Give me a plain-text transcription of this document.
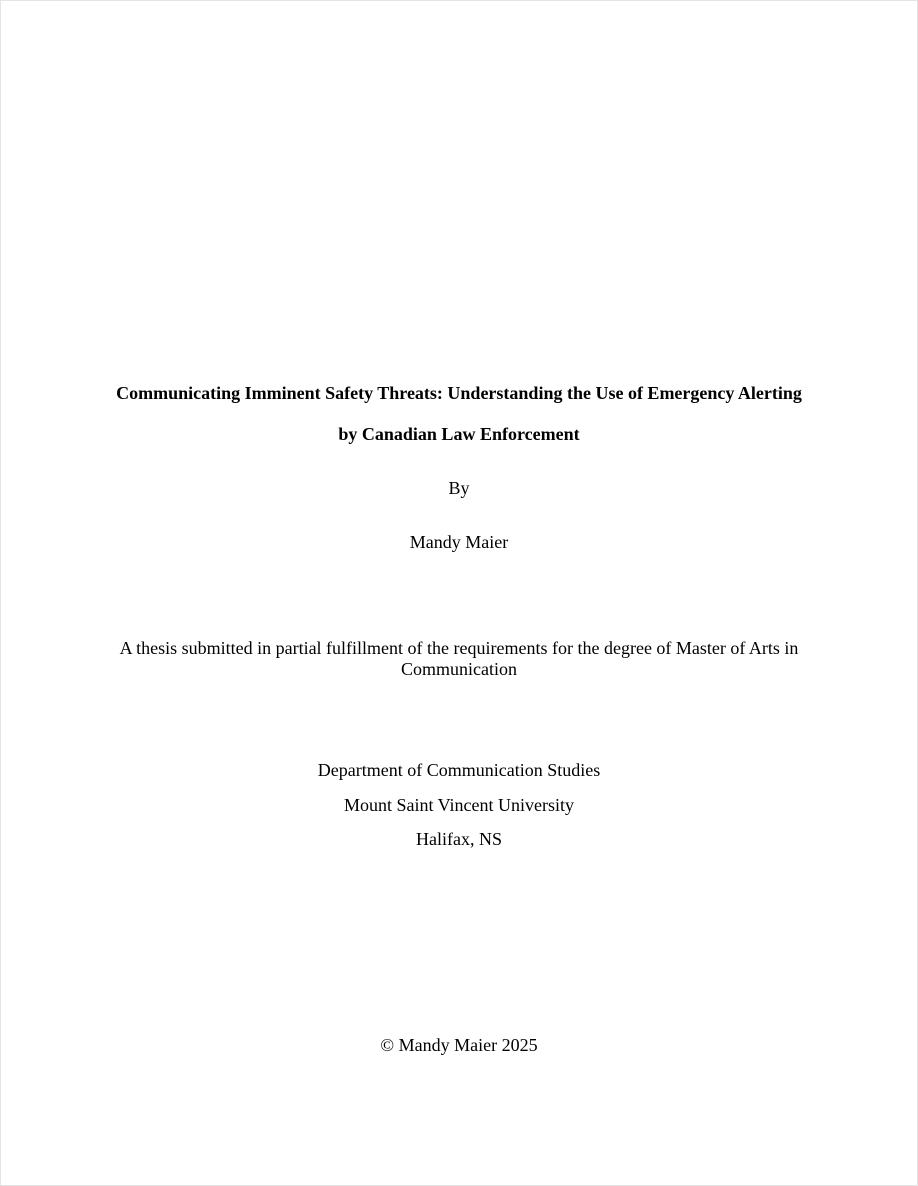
Communicating Imminent Safety Threats: Understanding the Use of Emergency Alerting
by Canadian Law Enforcement
By
Mandy Maier
A thesis submitted in partial fulfillment of the requirements for the degree of Master of Arts in Communication
Department of Communication Studies
Mount Saint Vincent University
Halifax, NS
© Mandy Maier 2025
